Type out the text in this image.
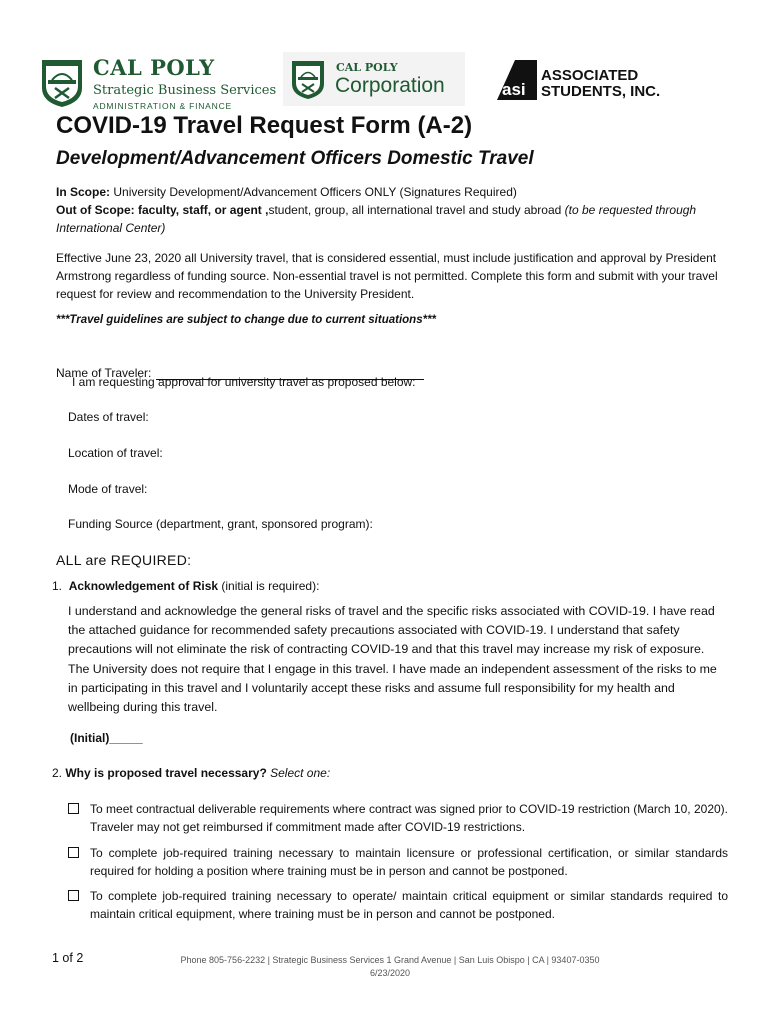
CAL POLY
Strategic Business Services
ADMINISTRATION & FINANCE
CAL POLY
Corporation	asi
ASSOCIATED
STUDENTS, INC.
COVID-19 Travel Request Form (A-2)
Development/Advancement Officers Domestic Travel
In Scope: University Development/Advancement Officers ONLY (Signatures Required)
Out of Scope: faculty, staff, or agent ,student, group, all international travel and study abroad (to be requested through International Center)
Effective June 23, 2020 all University travel, that is considered essential, must include justification and approval by President Armstrong regardless of funding source. Non-essential travel is not permitted. Complete this form and submit with your travel request for review and recommendation to the University President.
***Travel guidelines are subject to change due to current situations***
Name of Traveler:
I am requesting approval for university travel as proposed below:
Dates of travel:
Location of travel:
Mode of travel:
Funding Source (department, grant, sponsored program):
ALL are REQUIRED:
1. Acknowledgement of Risk (initial is required):
I understand and acknowledge the general risks of travel and the specific risks associated with COVID-19. I have read the attached guidance for recommended safety precautions associated with COVID-19. I understand that safety precautions will not eliminate the risk of contracting COVID-19 and that this travel may increase my risk of exposure. The University does not require that I engage in this travel. I have made an independent assessment of the risks to me in participating in this travel and I voluntarily accept these risks and assume full responsibility for my health and wellbeing during this travel.
(Initial)_____
2. Why is proposed travel necessary? Select one:
To meet contractual deliverable requirements where contract was signed prior to COVID-19 restriction (March 10, 2020). Traveler may not get reimbursed if commitment made after COVID-19 restrictions.
To complete job-required training necessary to maintain licensure or professional certification, or similar standards required for holding a position where training must be in person and cannot be postponed.
To complete job-required training necessary to operate/ maintain critical equipment or similar standards required to maintain critical equipment, where training must be in person and cannot be postponed.
1 of 2	Phone 805-756-2232 | Strategic Business Services 1 Grand Avenue | San Luis Obispo | CA | 93407-0350
6/23/2020
